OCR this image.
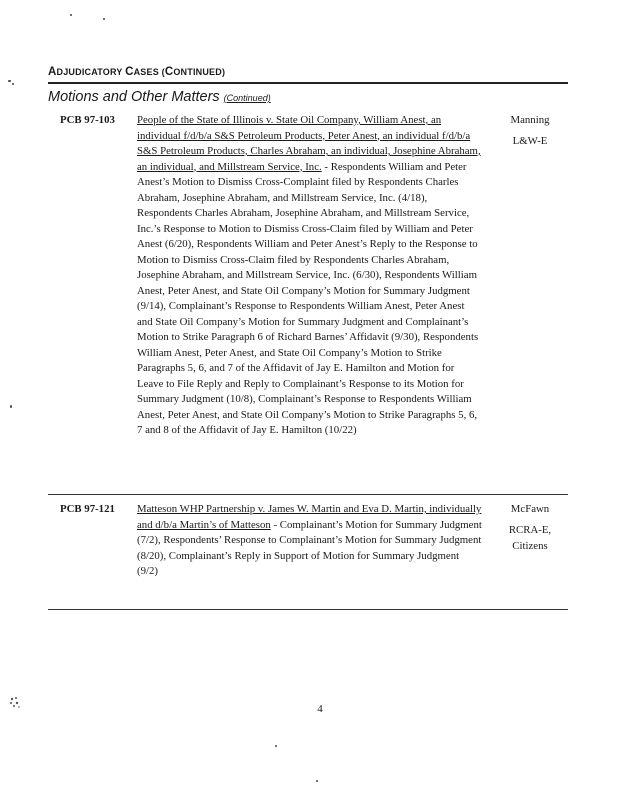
ADJUDICATORY CASES (CONTINUED)
Motions and Other Matters (Continued)
PCB 97-103	People of the State of Illinois v. State Oil Company, William Anest, an individual f/d/b/a S&S Petroleum Products, Peter Anest, an individual f/d/b/a S&S Petroleum Products, Charles Abraham, an individual, Josephine Abraham, an individual, and Millstream Service, Inc. - Respondents William and Peter Anest’s Motion to Dismiss Cross-Complaint filed by Respondents Charles Abraham, Josephine Abraham, and Millstream Service, Inc. (4/18), Respondents Charles Abraham, Josephine Abraham, and Millstream Service, Inc.’s Response to Motion to Dismiss Cross-Claim filed by William and Peter Anest (6/20), Respondents William and Peter Anest’s Reply to the Response to Motion to Dismiss Cross-Claim filed by Respondents Charles Abraham, Josephine Abraham, and Millstream Service, Inc. (6/30), Respondents William Anest, Peter Anest, and State Oil Company’s Motion for Summary Judgment (9/14), Complainant’s Response to Respondents William Anest, Peter Anest and State Oil Company’s Motion for Summary Judgment and Complainant’s Motion to Strike Paragraph 6 of Richard Barnes’ Affidavit (9/30), Respondents William Anest, Peter Anest, and State Oil Company’s Motion to Strike Paragraphs 5, 6, and 7 of the Affidavit of Jay E. Hamilton and Motion for Leave to File Reply and Reply to Complainant’s Response to its Motion for Summary Judgment (10/8), Complainant’s Response to Respondents William Anest, Peter Anest, and State Oil Company’s Motion to Strike Paragraphs 5, 6, 7 and 8 of the Affidavit of Jay E. Hamilton (10/22)
Manning
L&W-E
PCB 97-121	Matteson WHP Partnership v. James W. Martin and Eva D. Martin, individually and d/b/a Martin’s of Matteson - Complainant’s Motion for Summary Judgment (7/2), Respondents’ Response to Complainant’s Motion for Summary Judgment (8/20), Complainant’s Reply in Support of Motion for Summary Judgment (9/2)
McFawn
RCRA-E, Citizens
4
